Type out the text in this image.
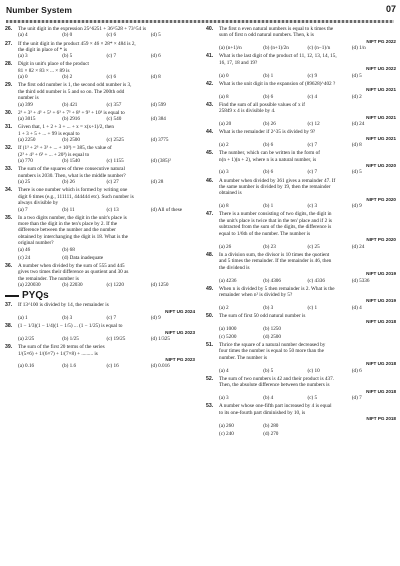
Number System	07
26. The unit digit in the expression 25^6251 + 36^528 + 73^54 is
(a) 4	(b) 0	(c) 6	(d) 5
27. If the unit digit in the product 459 × 46 × 28* × 484 is 2,
the digit in place of * is
(a) 3	(b) 5	(c) 7	(d) 6
28. Digit in unit's place of the product
81 × 82 × 83 × ... × 89 is
(a) 0	(b) 2	(c) 6	(d) 8
29. The first odd number is 1, the second odd number is 3,
the third odd number is 5 and so on. The 200th odd
number is
(a) 399	(b) 421	(c) 357	(d) 599
30. 2³ + 3³ + 4³ + 5³ + 6³ + 7³ + 8³ + 9³ + 10³ is equal to
(a) 3015	(b) 2916	(c) 540	(d) 384
31. Given that, 1 + 2 + 3 + ... + x = x(x+1)/2, then
1 + 3 + 5 + ... + 99 is equal to
(a) 2250	(b) 2500	(c) 2525	(d) 3775
32. If (1³ + 2³ + 3³ + ... + 10³) = 385, the value of
(2³ + 4³ + 6³ + ... + 20³) is equal to
(a) 770	(b) 1540	(c) 1155	(d) (385)²
33. The sum of the squares of three consecutive natural
numbers is 2030. Then, what is the middle number?
(a) 25	(b) 26	(c) 27	(d) 28
34. There is one number which is formed by writing one
digit 6 times (e.g., 111111, 444444 etc). Such number is
always divisible by
(a) 7	(b) 11	(c) 13	(d) All of these
35. In a two digits number, the digit in the unit's place is
more than the digit in the ten's place by 2. If the
difference between the number and the number
obtained by interchanging the digit is 18. What is the
original number?
(a) 46	(b) 68
(c) 24	(d) Data inadequate
36. A number when divided by the sum of 555 and 445
gives two times their difference as quotient and 30 as
the remainder. The number is
(a) 220030	(b) 22030	(c) 1220	(d) 1250
PYQs
37. If 13^100 is divided by 14, the remainder is
NIFT UG 2024
(a) 1	(b) 3	(c) 7	(d) 9
38. (1 − 1/3)(1 − 1/4)(1 − 1/5) ... (1 − 1/25) is equal to
NIFT UG 2023
(a) 2/25	(b) 1/25	(c) 19/25	(d) 1/325
39. The sum of the first 20 terms of the series
1/(5×6) + 1/(6×7) + 1/(7×8) + ......... is
NIFT PG 2023
(a) 0.16	(b) 1.6	(c) 16	(d) 0.016
40. The first n even natural numbers is equal to k times the
sum of first n odd natural numbers. Then, k is
NIFT PG 2022
(a) (n+1)/n	(b) (n+1)/2n	(c) (n−1)/n	(d) 1/n
41. What is the last digit of the product of 11, 12, 13, 14, 15,
16, 17, 18 and 19?
NIFT UG 2022
(a) 0	(b) 1	(c) 9	(d) 5
42. What is the unit digit in the expansion of (89628)^402 ?
NIFT UG 2021
(a) 8	(b) 6	(c) 4	(d) 2
43. Find the sum of all possible values of x if
25849 x 4 is divisible by 4.
NIFT UG 2021
(a) 20	(b) 26	(c) 12	(d) 24
44. What is the remainder if 2^35 is divided by 9?
NIFT UG 2021
(a) 2	(b) 6	(c) 7	(d) 8
45. The number, which can be written in the form of
n(n + 1)(n + 2), where n is a natural number, is
NIFT UG 2020
(a) 3	(b) 6	(c) 7	(d) 5
46. A number when divided by 361 gives a remainder 47. If
the same number is divided by 19, then the remainder
obtained is
NIFT PG 2020
(a) 8	(b) 1	(c) 3	(d) 9
47. There is a number consisting of two digits, the digit in
the unit's place is twice that in the ten' place and if 2 is
subtracted from the sum of the digits, the difference is
equal to 1/6th of the number. The number is
NIFT PG 2020
(a) 26	(b) 23	(c) 25	(d) 24
48. In a division sum, the divisor is 10 times the quotient
and 5 times the remainder. If the remainder is 46, then
the dividend is
NIFT UG 2019
(a) 4236	(b) 4306	(c) 4336	(d) 5336
49. When n is divided by 5 then remainder is 2. What is the
remainder when n² is divided by 5?
NIFT UG 2019
(a) 2	(b) 3	(c) 1	(d) 4
50. The sum of first 50 odd natural number is
NIFT UG 2018
(a) 1000	(b) 1250
(c) 5200	(d) 2500
51. Thrice the square of a natural number decreased by
four times the number is equal to 50 more than the
number. The number is
NIFT UG 2018
(a) 4	(b) 5	(c) 10	(d) 6
52. The sum of two numbers is 42 and their product is 437.
Then, the absolute difference between the numbers is
NIFT UG 2018
(a) 3	(b) 4	(c) 5	(d) 7
53. A number whose one-fifth part increased by 4 is equal
to its one-fourth part diminished by 10, is
NIFT PG 2018
(a) 260	(b) 280
(c) 240	(d) 270
